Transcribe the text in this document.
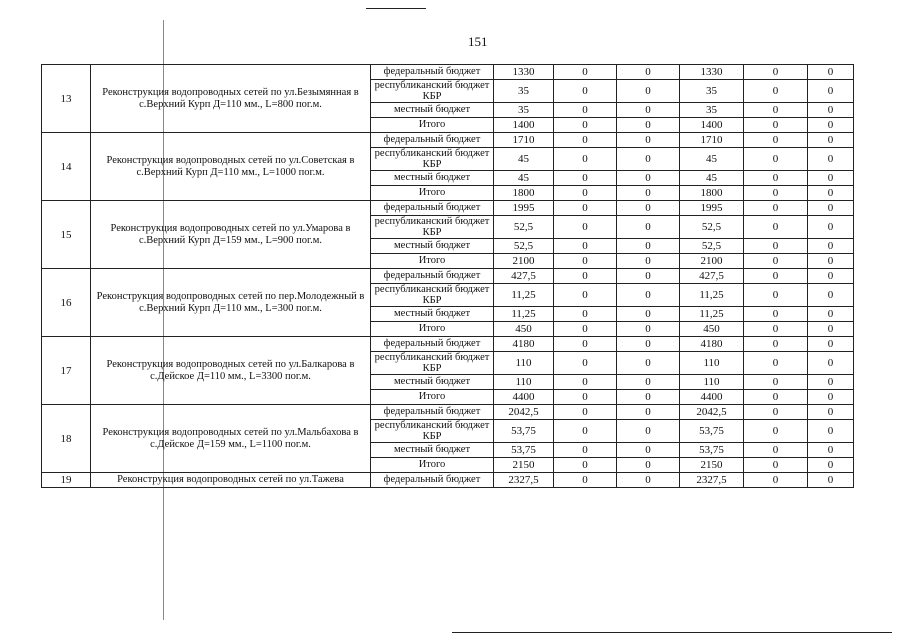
151
13	Реконструкция водопроводных сетей по ул.Безымянная в с.Верхний Курп Д=110 мм., L=800 пог.м.	федеральный бюджет	1330	0	0	1330	0	0
		республиканский бюджет КБР	35	0	0	35	0	0
		местный бюджет	35	0	0	35	0	0
		Итого	1400	0	0	1400	0	0
14	Реконструкция водопроводных сетей по ул.Советская в с.Верхний Курп Д=110 мм., L=1000 пог.м.	федеральный бюджет	1710	0	0	1710	0	0
		республиканский бюджет КБР	45	0	0	45	0	0
		местный бюджет	45	0	0	45	0	0
		Итого	1800	0	0	1800	0	0
15	Реконструкция водопроводных сетей по ул.Умарова в с.Верхний Курп Д=159 мм., L=900 пог.м.	федеральный бюджет	1995	0	0	1995	0	0
		республиканский бюджет КБР	52,5	0	0	52,5	0	0
		местный бюджет	52,5	0	0	52,5	0	0
		Итого	2100	0	0	2100	0	0
16	Реконструкция водопроводных сетей по пер.Молодежный в с.Верхний Курп Д=110 мм., L=300 пог.м.	федеральный бюджет	427,5	0	0	427,5	0	0
		республиканский бюджет КБР	11,25	0	0	11,25	0	0
		местный бюджет	11,25	0	0	11,25	0	0
		Итого	450	0	0	450	0	0
17	Реконструкция водопроводных сетей по ул.Балкарова в с.Дейское Д=110 мм., L=3300 пог.м.	федеральный бюджет	4180	0	0	4180	0	0
		республиканский бюджет КБР	110	0	0	110	0	0
		местный бюджет	110	0	0	110	0	0
		Итого	4400	0	0	4400	0	0
18	Реконструкция водопроводных сетей по ул.Мальбахова в с.Дейское Д=159 мм., L=1100 пог.м.	федеральный бюджет	2042,5	0	0	2042,5	0	0
		республиканский бюджет КБР	53,75	0	0	53,75	0	0
		местный бюджет	53,75	0	0	53,75	0	0
		Итого	2150	0	0	2150	0	0
19	Реконструкция водопроводных сетей по ул.Тажева	федеральный бюджет	2327,5	0	0	2327,5	0	0
